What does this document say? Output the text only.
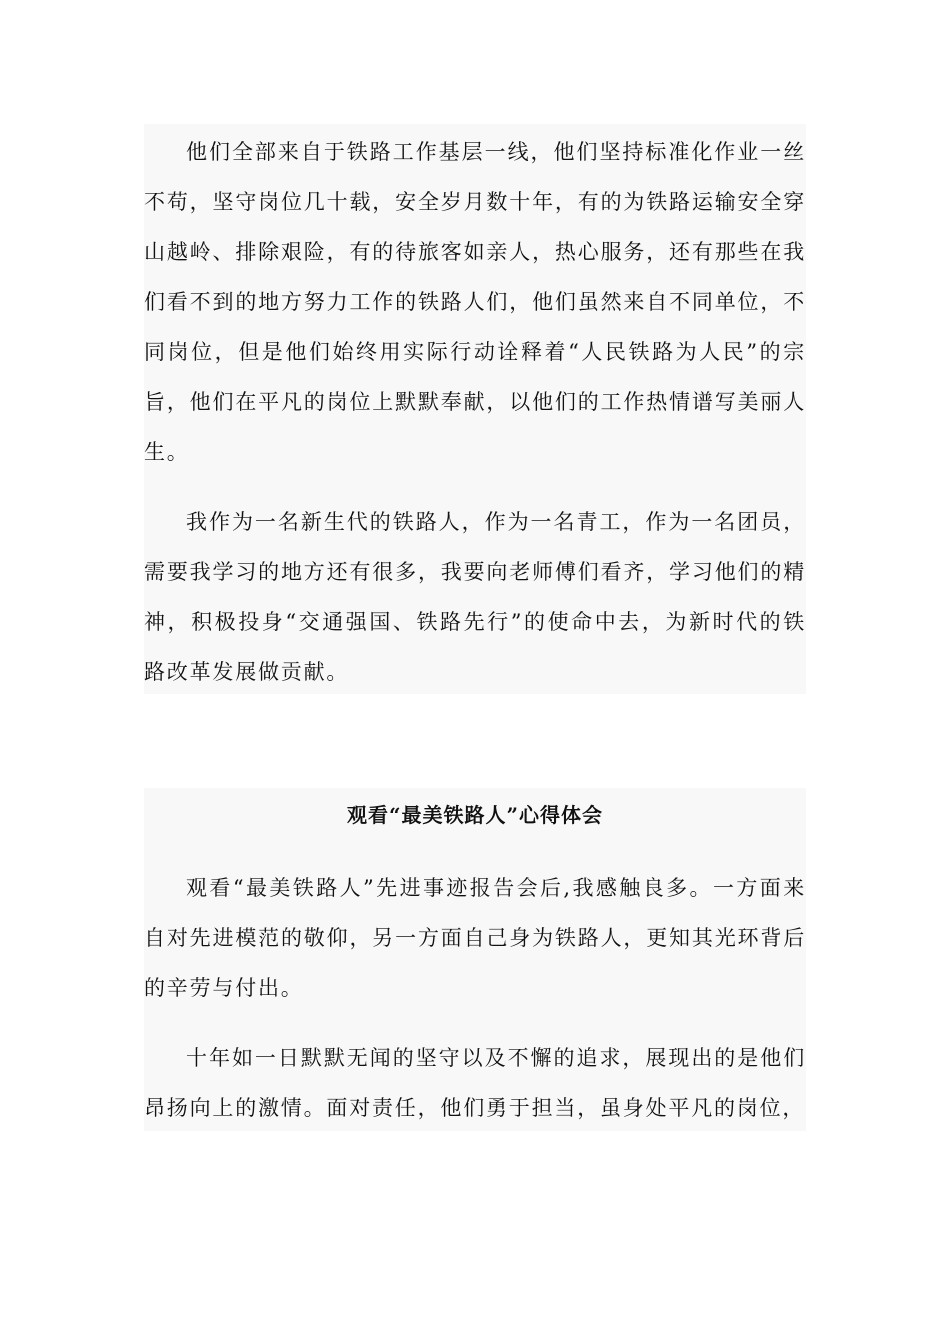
他们全部来自于铁路工作基层一线，他们坚持标准化作业一丝不苟，坚守岗位几十载，安全岁月数十年，有的为铁路运输安全穿山越岭、排除艰险，有的待旅客如亲人，热心服务，还有那些在我们看不到的地方努力工作的铁路人们，他们虽然来自不同单位，不同岗位，但是他们始终用实际行动诠释着“人民铁路为人民”的宗旨，他们在平凡的岗位上默默奉献，以他们的工作热情谱写美丽人生。

我作为一名新生代的铁路人，作为一名青工，作为一名团员，需要我学习的地方还有很多，我要向老师傅们看齐，学习他们的精神，积极投身“交通强国、铁路先行”的使命中去，为新时代的铁路改革发展做贡献。

观看“最美铁路人”心得体会

观看“最美铁路人”先进事迹报告会后,我感触良多。一方面来自对先进模范的敬仰，另一方面自己身为铁路人，更知其光环背后的辛劳与付出。

十年如一日默默无闻的坚守以及不懈的追求，展现出的是他们昂扬向上的激情。面对责任，他们勇于担当，虽身处平凡的岗位，
